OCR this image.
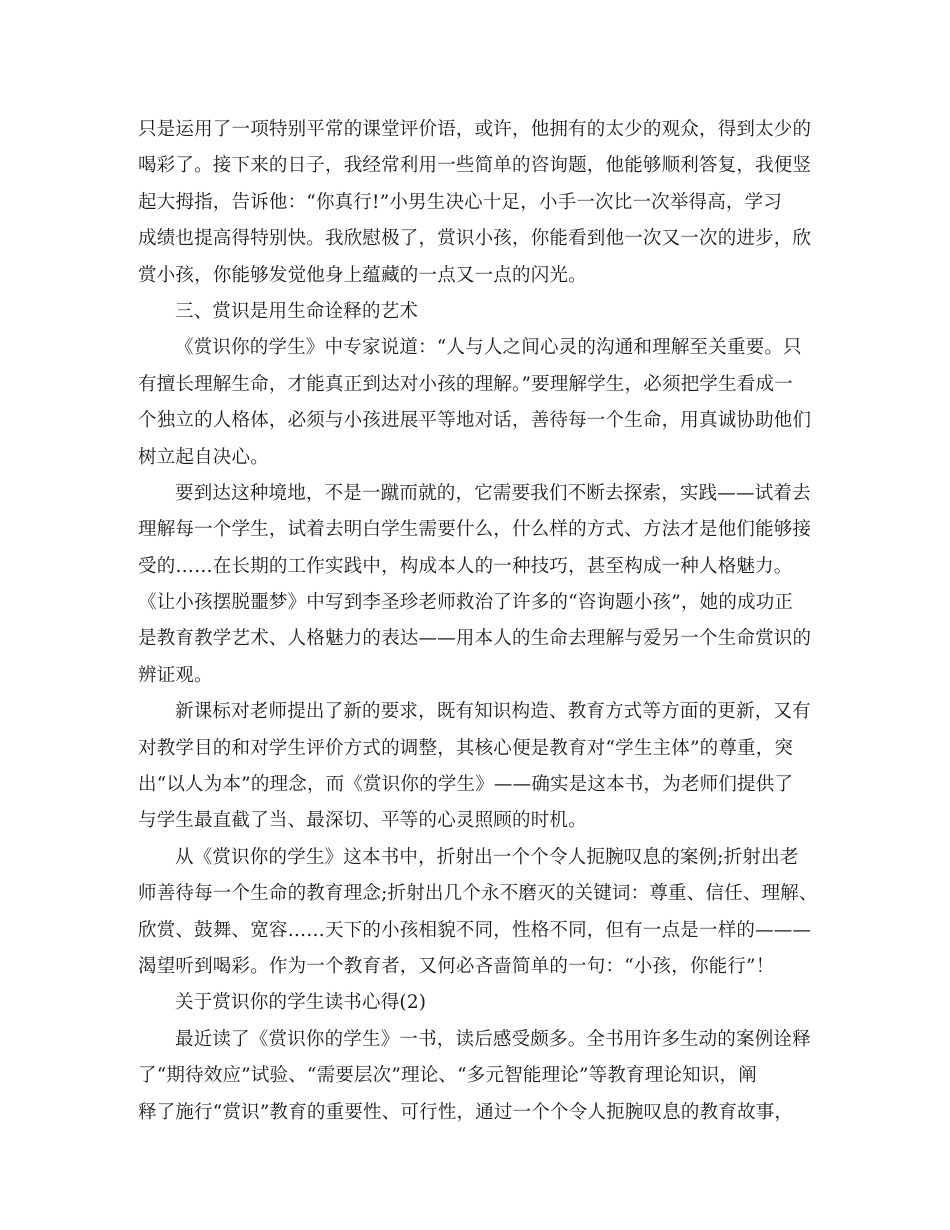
只是运用了一项特别平常的课堂评价语，或许，他拥有的太少的观众，得到太少的
喝彩了。接下来的日子，我经常利用一些简单的咨询题，他能够顺利答复，我便竖
起大拇指，告诉他：“你真行!”小男生决心十足，小手一次比一次举得高，学习
成绩也提高得特别快。我欣慰极了，赏识小孩，你能看到他一次又一次的进步，欣
赏小孩，你能够发觉他身上蕴藏的一点又一点的闪光。
三、赏识是用生命诠释的艺术
《赏识你的学生》中专家说道：“人与人之间心灵的沟通和理解至关重要。只
有擅长理解生命，才能真正到达对小孩的理解。”要理解学生，必须把学生看成一
个独立的人格体，必须与小孩进展平等地对话，善待每一个生命，用真诚协助他们
树立起自决心。
要到达这种境地，不是一蹴而就的，它需要我们不断去探索，实践——试着去
理解每一个学生，试着去明白学生需要什么，什么样的方式、方法才是他们能够接
受的……在长期的工作实践中，构成本人的一种技巧，甚至构成一种人格魅力。
《让小孩摆脱噩梦》中写到李圣珍老师救治了许多的“咨询题小孩”，她的成功正
是教育教学艺术、人格魅力的表达——用本人的生命去理解与爱另一个生命赏识的
辨证观。
新课标对老师提出了新的要求，既有知识构造、教育方式等方面的更新，又有
对教学目的和对学生评价方式的调整，其核心便是教育对“学生主体”的尊重，突
出“以人为本”的理念，而《赏识你的学生》——确实是这本书，为老师们提供了
与学生最直截了当、最深切、平等的心灵照顾的时机。
从《赏识你的学生》这本书中，折射出一个个令人扼腕叹息的案例;折射出老
师善待每一个生命的教育理念;折射出几个永不磨灭的关键词：尊重、信任、理解、
欣赏、鼓舞、宽容……天下的小孩相貌不同，性格不同，但有一点是一样的———
渴望听到喝彩。作为一个教育者，又何必吝啬简单的一句：“小孩，你能行”！
关于赏识你的学生读书心得(2)
最近读了《赏识你的学生》一书，读后感受颇多。全书用许多生动的案例诠释
了“期待效应”试验、“需要层次”理论、“多元智能理论”等教育理论知识，阐
释了施行“赏识”教育的重要性、可行性，通过一个个令人扼腕叹息的教育故事，
